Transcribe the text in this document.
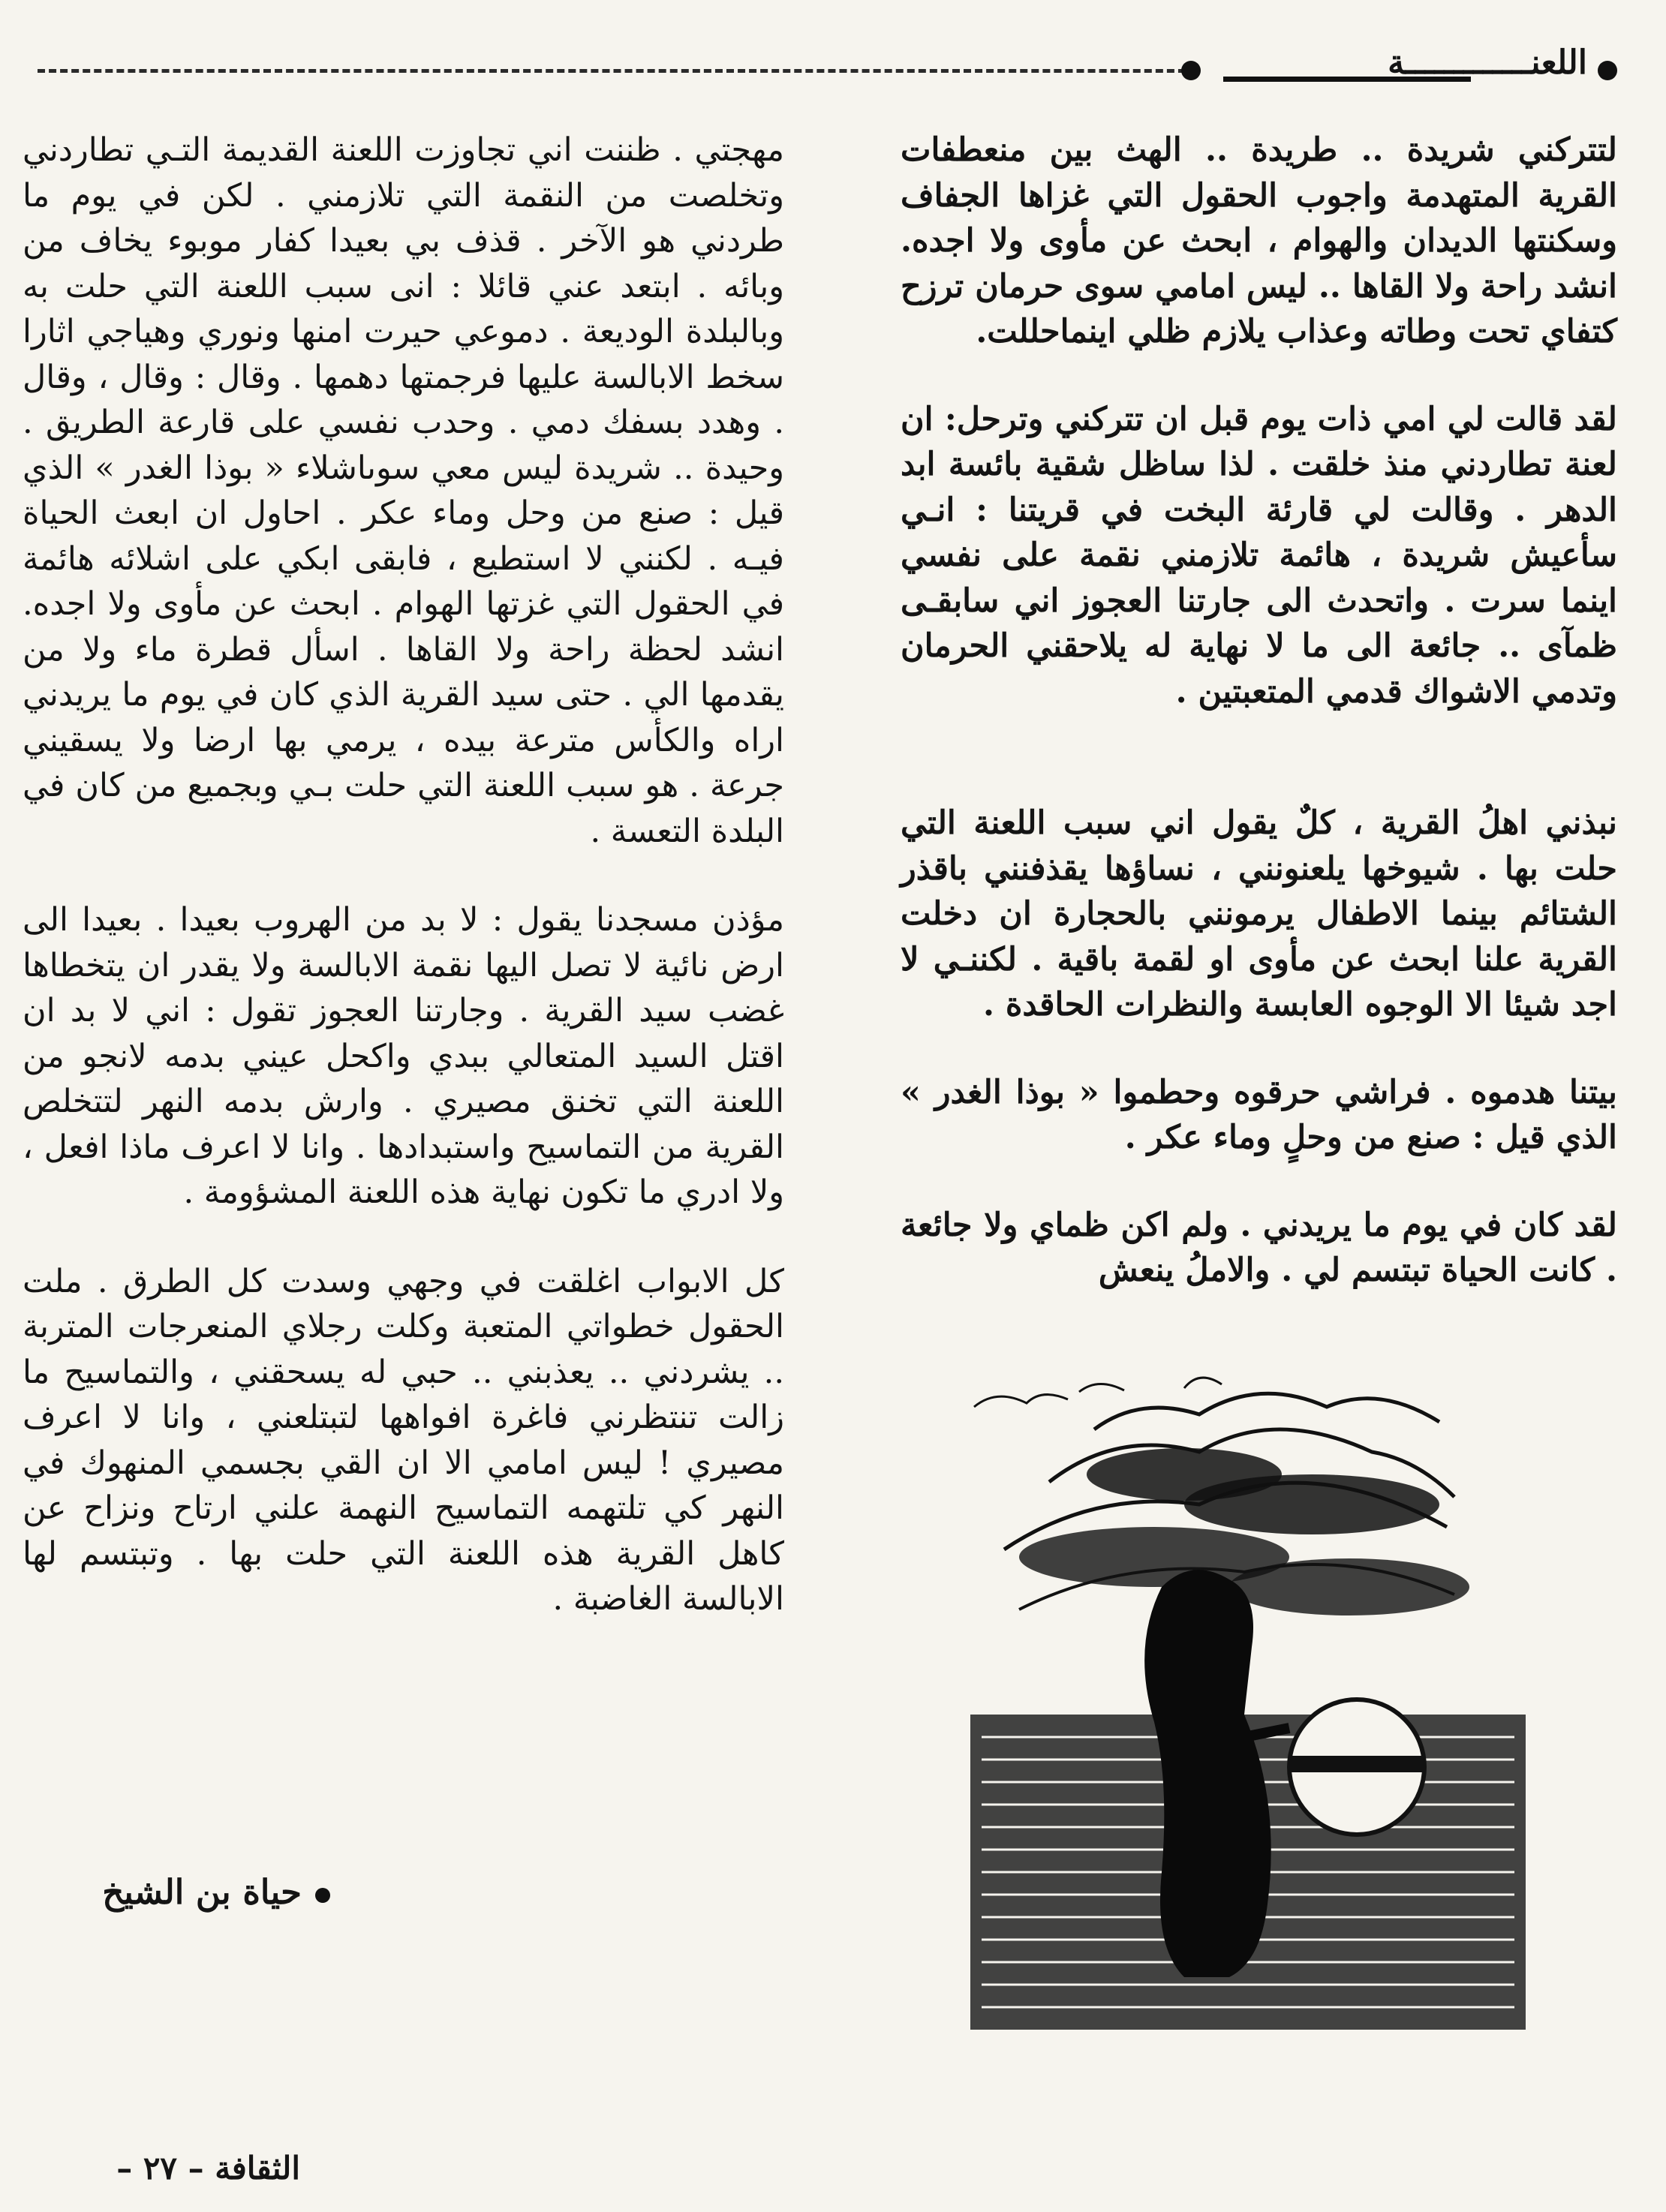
اللعنـــــــــــــة

لتتركني شريدة .. طريدة .. الهث بين منعطفات القرية المتهدمة واجوب الحقول التي غزاها الجفاف وسكنتها الديدان والهوام ، ابحث عن مأوى ولا اجده. انشد راحة ولا القاها .. ليس امامي سوى حرمان ترزح كتفاي تحت وطاته وعذاب يلازم ظلي اينماحللت.

لقد قالت لي امي ذات يوم قبل ان تتركني وترحل: ان لعنة تطاردني منذ خلقت . لذا ساظل شقية بائسة ابد الدهر . وقالت لي قارئة البخت في قريتنا : انـي سأعيش شريدة ، هائمة تلازمني نقمة على نفسي اينما سرت . واتحدث الى جارتنا العجوز اني سابقـى ظمآى .. جائعة الى ما لا نهاية له يلاحقني الحرمان وتدمي الاشواك قدمي المتعبتين .

نبذني اهلُ القرية ، كلٌ يقول اني سبب اللعنة التي حلت بها . شيوخها يلعنونني ، نساؤها يقذفنني باقذر الشتائم بينما الاطفال يرمونني بالحجارة ان دخلت القرية علنا ابحث عن مأوى او لقمة باقية . لكننـي لا اجد شيئا الا الوجوه العابسة والنظرات الحاقدة .

بيتنا هدموه . فراشي حرقوه وحطموا « بوذا الغدر » الذي قيل : صنع من وحلٍ وماء عكر .

لقد كان في يوم ما يريدني . ولم اكن ظماي ولا جائعة . كانت الحياة تبتسم لي . والاملُ ينعش

مهجتي . ظننت اني تجاوزت اللعنة القديمة التـي تطاردني وتخلصت من النقمة التي تلازمني . لكن في يوم ما طردني هو الآخر . قذف بي بعيدا كفار موبوء يخاف من وبائه . ابتعد عني قائلا : انى سبب اللعنة التي حلت به وبالبلدة الوديعة . دموعي حيرت امنها ونوري وهياجي اثارا سخط الابالسة عليها فرجمتها دهمها . وقال : وقال ، وقال . وهدد بسفك دمي . وحدب نفسي على قارعة الطريق . وحيدة .. شريدة ليس معي سوىاشلاء « بوذا الغدر » الذي قيل : صنع من وحل وماء عكر . احاول ان ابعث الحياة فيـه . لكنني لا استطيع ، فابقى ابكي على اشلائه هائمة في الحقول التي غزتها الهوام . ابحث عن مأوى ولا اجده. انشد لحظة راحة ولا القاها . اسأل قطرة ماء ولا من يقدمها الي . حتى سيد القرية الذي كان في يوم ما يريدني اراه والكأس مترعة بيده ، يرمي بها ارضا ولا يسقيني جرعة . هو سبب اللعنة التي حلت بـي وبجميع من كان في البلدة التعسة .

مؤذن مسجدنا يقول : لا بد من الهروب بعيدا . بعيدا الى ارض نائية لا تصل اليها نقمة الابالسة ولا يقدر ان يتخطاها غضب سيد القرية . وجارتنا العجوز تقول : اني لا بد ان اقتل السيد المتعالي ببدي واكحل عيني بدمه لانجو من اللعنة التي تخنق مصيري . وارش بدمه النهر لتتخلص القرية من التماسيح واستبدادها . وانا لا اعرف ماذا افعل ، ولا ادري ما تكون نهاية هذه اللعنة المشؤومة .

كل الابواب اغلقت في وجهي وسدت كل الطرق . ملت الحقول خطواتي المتعبة وكلت رجلاي المنعرجات المتربة .. يشردني .. يعذبني .. حبي له يسحقني ، والتماسيح ما زالت تنتظرني فاغرة افواهها لتبتلعني ، وانا لا اعرف مصيري ! ليس امامي الا ان القي بجسمي المنهوك في النهر كي تلتهمه التماسيح النهمة علني ارتاح ونزاح عن كاهل القرية هذه اللعنة التي حلت بها . وتبتسم لها الابالسة الغاضبة .

حياة بن الشيخ
الثقافة – ٢٧ –
